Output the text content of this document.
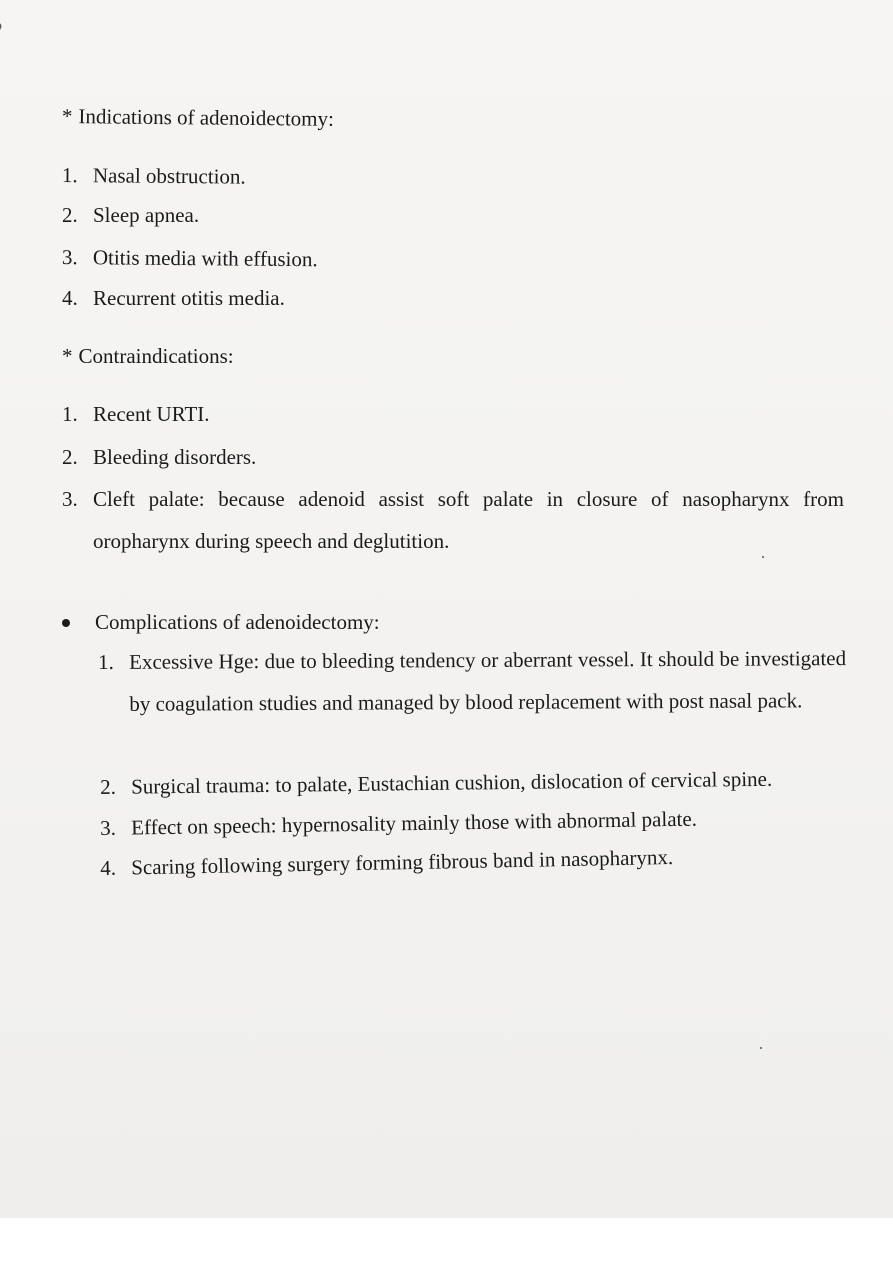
* Indications of adenoidectomy:
1. Nasal obstruction.
2. Sleep apnea.
3. Otitis media with effusion.
4. Recurrent otitis media.
* Contraindications:
1. Recent URTI.
2. Bleeding disorders.
3. Cleft palate: because adenoid assist soft palate in closure of nasopharynx from oropharynx during speech and deglutition.
Complications of adenoidectomy:
1. Excessive Hge: due to bleeding tendency or aberrant vessel. It should be investigated by coagulation studies and managed by blood replacement with post nasal pack.
2. Surgical trauma: to palate, Eustachian cushion, dislocation of cervical spine.
3. Effect on speech: hypernosality mainly those with abnormal palate.
4. Scaring following surgery forming fibrous band in nasopharynx.
